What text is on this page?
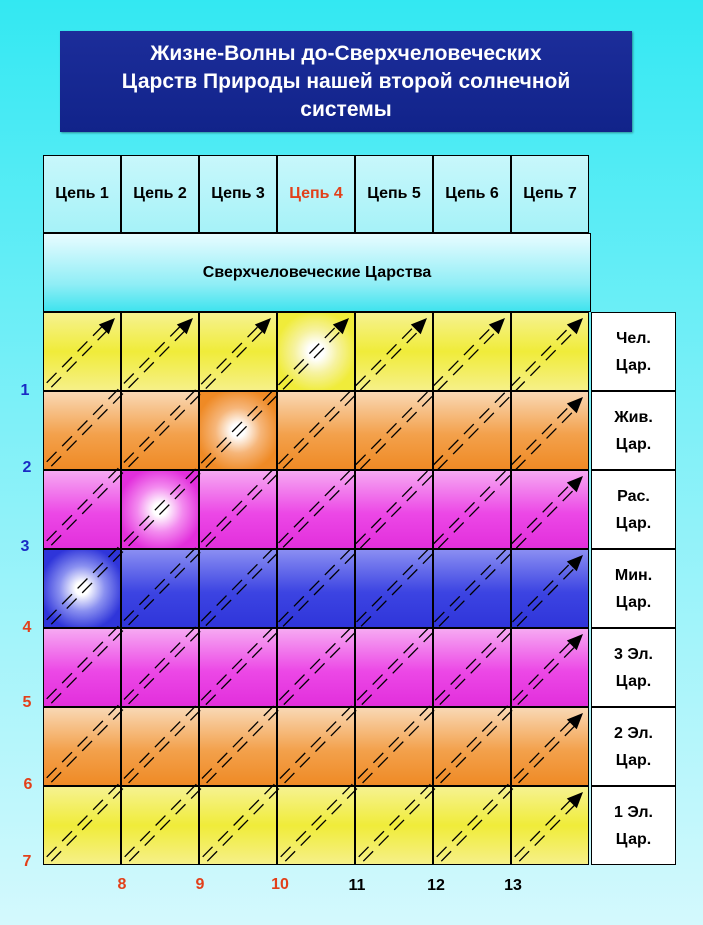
Жизне-Волны до-Сверхчеловеческих
Царств Природы нашей второй солнечной
системы
Сверхчеловеческие Царства
Цепь 1	Цепь 2	Цепь 3	Цепь 4	Цепь 5	Цепь 6	Цепь 7
Чел.
Цар.
Жив.
Цар.
Рас.
Цар.
Мин.
Цар.
3 Эл.
Цар.
2 Эл.
Цар.
1 Эл.
Цар.
1
2
3
4
5
6
7
8	9	10	11	12	13
